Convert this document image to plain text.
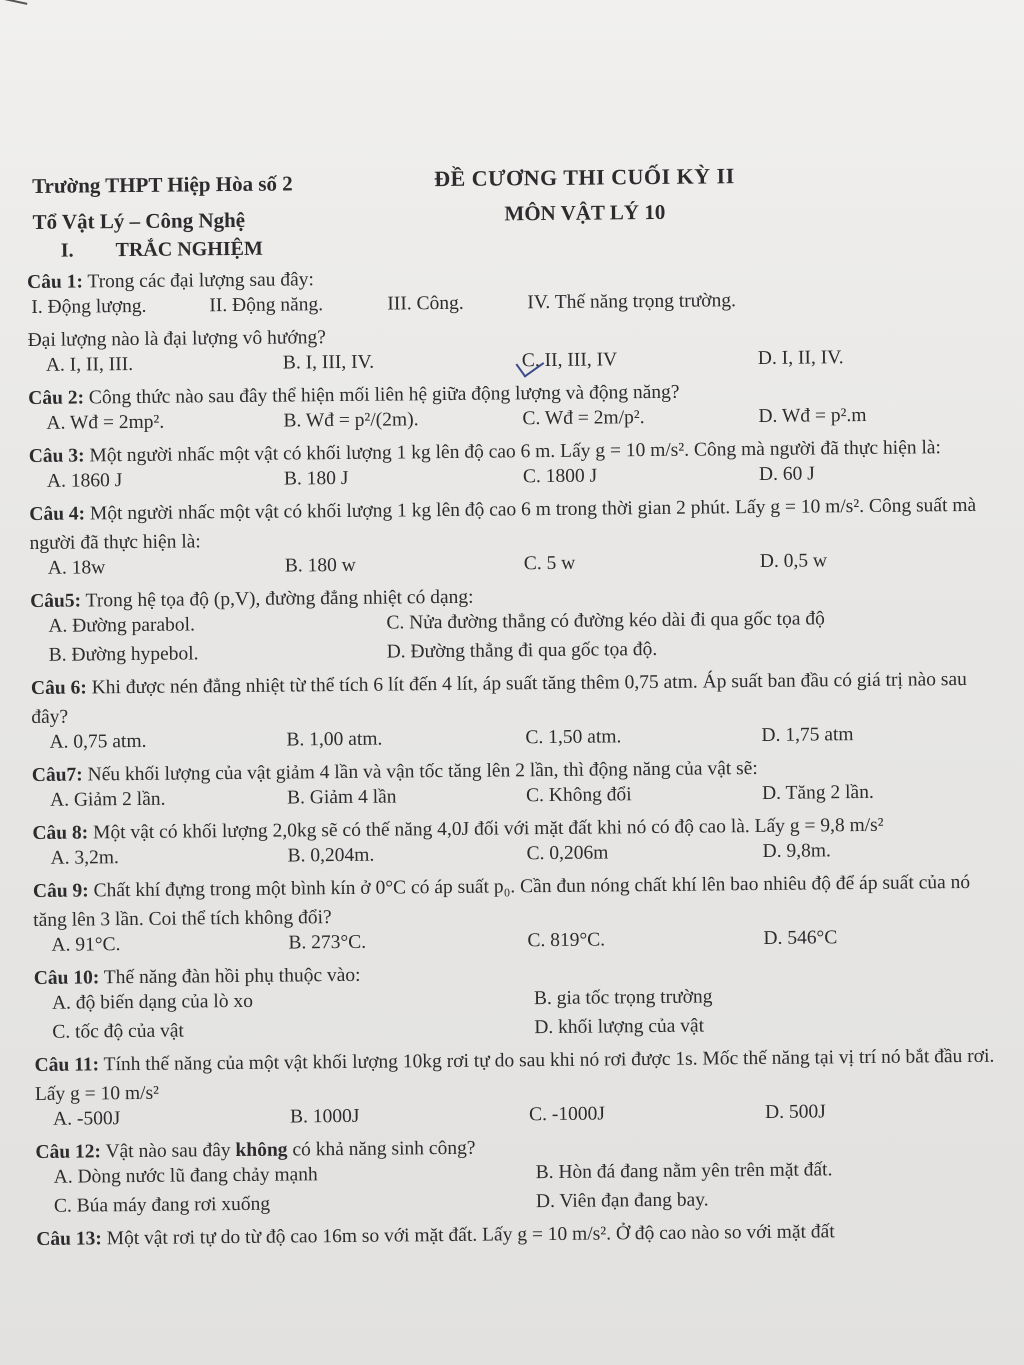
Trường THPT Hiệp Hòa số 2
Tổ Vật Lý – Công Nghệ
ĐỀ CƯƠNG THI CUỐI KỲ II
MÔN VẬT LÝ 10
I. TRẮC NGHIỆM
Câu 1: Trong các đại lượng sau đây:
I. Động lượng.	II. Động năng.	III. Công.	IV. Thế năng trọng trường.
Đại lượng nào là đại lượng vô hướng?
A. I, II, III.	B. I, III, IV.	C. II, III, IV	D. I, II, IV.
Câu 2: Công thức nào sau đây thể hiện mối liên hệ giữa động lượng và động năng?
A. Wđ = 2mp².	B. Wđ = p²/(2m).	C. Wđ = 2m/p².	D. Wđ = p².m
Câu 3: Một người nhấc một vật có khối lượng 1 kg lên độ cao 6 m. Lấy g = 10 m/s². Công mà người đã thực hiện là:
A. 1860 J	B. 180 J	C. 1800 J	D. 60 J
Câu 4: Một người nhấc một vật có khối lượng 1 kg lên độ cao 6 m trong thời gian 2 phút. Lấy g = 10 m/s². Công suất mà người đã thực hiện là:
A. 18w	B. 180 w	C. 5 w	D. 0,5 w
Câu5: Trong hệ tọa độ (p,V), đường đẳng nhiệt có dạng:
A. Đường parabol.	C. Nửa đường thẳng có đường kéo dài đi qua gốc tọa độ
B. Đường hypebol.	D. Đường thẳng đi qua gốc tọa độ.
Câu 6: Khi được nén đẳng nhiệt từ thể tích 6 lít đến 4 lít, áp suất tăng thêm 0,75 atm. Áp suất ban đầu có giá trị nào sau đây?
A. 0,75 atm.	B. 1,00 atm.	C. 1,50 atm.	D. 1,75 atm
Câu7: Nếu khối lượng của vật giảm 4 lần và vận tốc tăng lên 2 lần, thì động năng của vật sẽ:
A. Giảm 2 lần.	B. Giảm 4 lần	C. Không đổi	D. Tăng 2 lần.
Câu 8: Một vật có khối lượng 2,0kg sẽ có thế năng 4,0J đối với mặt đất khi nó có độ cao là. Lấy g = 9,8 m/s²
A. 3,2m.	B. 0,204m.	C. 0,206m	D. 9,8m.
Câu 9: Chất khí đựng trong một bình kín ở 0°C có áp suất p₀. Cần đun nóng chất khí lên bao nhiêu độ để áp suất của nó tăng lên 3 lần. Coi thể tích không đổi?
A. 91°C.	B. 273°C.	C. 819°C.	D. 546°C
Câu 10: Thế năng đàn hồi phụ thuộc vào:
A. độ biến dạng của lò xo	B. gia tốc trọng trường
C. tốc độ của vật	D. khối lượng của vật
Câu 11: Tính thế năng của một vật khối lượng 10kg rơi tự do sau khi nó rơi được 1s. Mốc thế năng tại vị trí nó bắt đầu rơi. Lấy g = 10 m/s²
A. -500J	B. 1000J	C. -1000J	D. 500J
Câu 12: Vật nào sau đây không có khả năng sinh công?
A. Dòng nước lũ đang chảy mạnh	B. Hòn đá đang nằm yên trên mặt đất.
C. Búa máy đang rơi xuống	D. Viên đạn đang bay.
Câu 13: Một vật rơi tự do từ độ cao 16m so với mặt đất. Lấy g = 10 m/s². Ở độ cao nào so với mặt đất
